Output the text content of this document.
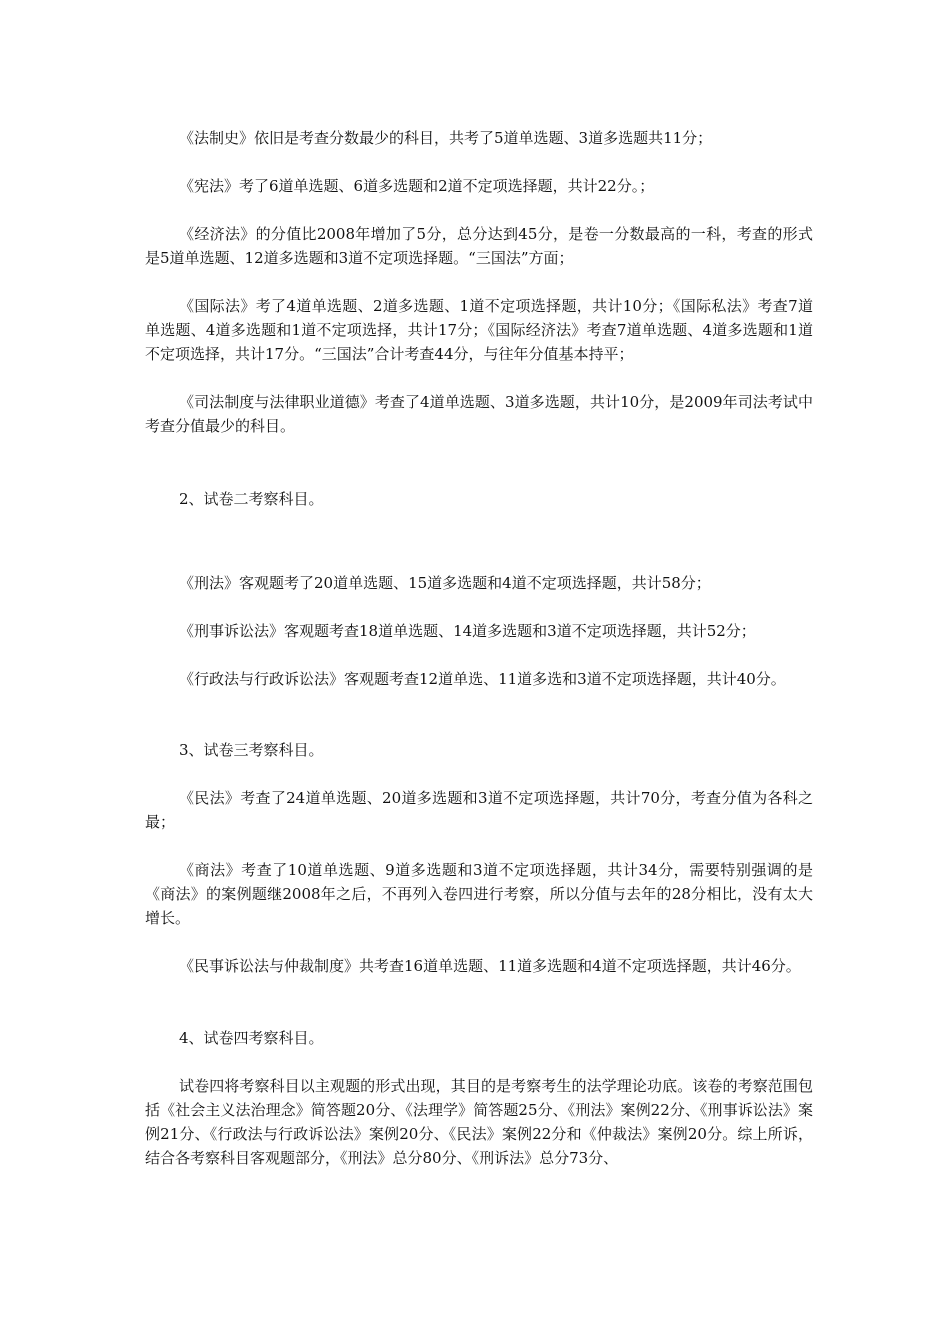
《法制史》依旧是考查分数最少的科目，共考了5道单选题、3道多选题共11分；

《宪法》考了6道单选题、6道多选题和2道不定项选择题，共计22分。；

《经济法》的分值比2008年增加了5分，总分达到45分，是卷一分数最高的一科，考查的形式是5道单选题、12道多选题和3道不定项选择题。“三国法”方面；

《国际法》考了4道单选题、2道多选题、1道不定项选择题，共计10分；《国际私法》考查7道单选题、4道多选题和1道不定项选择，共计17分；《国际经济法》考查7道单选题、4道多选题和1道不定项选择，共计17分。“三国法”合计考查44分，与往年分值基本持平；

《司法制度与法律职业道德》考查了4道单选题、3道多选题，共计10分，是2009年司法考试中考查分值最少的科目。

2、试卷二考察科目。

《刑法》客观题考了20道单选题、15道多选题和4道不定项选择题，共计58分；

《刑事诉讼法》客观题考查18道单选题、14道多选题和3道不定项选择题，共计52分；

《行政法与行政诉讼法》客观题考查12道单选、11道多选和3道不定项选择题，共计40分。

3、试卷三考察科目。

《民法》考查了24道单选题、20道多选题和3道不定项选择题，共计70分，考查分值为各科之最；

《商法》考查了10道单选题、9道多选题和3道不定项选择题，共计34分，需要特别强调的是《商法》的案例题继2008年之后，不再列入卷四进行考察，所以分值与去年的28分相比，没有太大增长。

《民事诉讼法与仲裁制度》共考查16道单选题、11道多选题和4道不定项选择题，共计46分。

4、试卷四考察科目。

试卷四将考察科目以主观题的形式出现，其目的是考察考生的法学理论功底。该卷的考察范围包括《社会主义法治理念》简答题20分、《法理学》简答题25分、《刑法》案例22分、《刑事诉讼法》案例21分、《行政法与行政诉讼法》案例20分、《民法》案例22分和《仲裁法》案例20分。综上所诉，结合各考察科目客观题部分，《刑法》总分80分、《刑诉法》总分73分、
